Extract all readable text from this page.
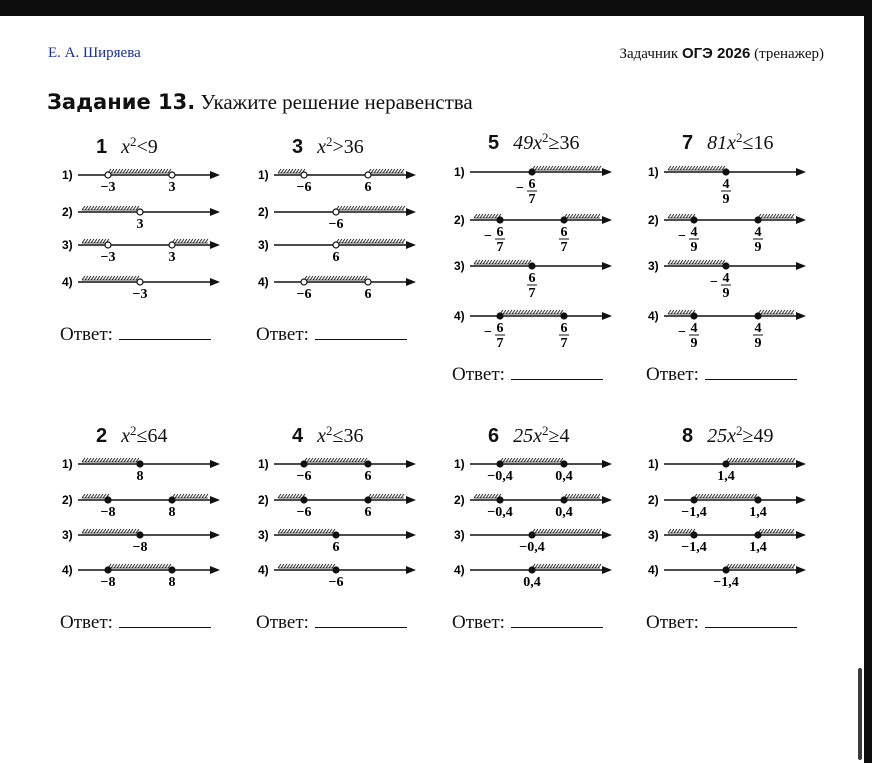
Е. А. Ширяева	Задачник ОГЭ 2026 (тренажер)
Задание 13. Укажите решение неравенства
1 $x^2<9$
Ответ:
3 $x^2>36$
Ответ:
5 $49x^2\ge 36$
Ответ:
7 $81x^2\le 16$
Ответ:
2 $x^2\le 64$
Ответ:
4 $x^2\le 36$
Ответ:
6 $25x^2\ge 4$
Ответ:
8 $25x^2\ge 49$
Ответ:
1)
−3	3
2)
3
3)
−3	3
4)
−3
1)
−6	6
2)
−6
3)
6
4)
−6	6
1)
− 6
7
2)
− 6
7
6
7
3)
6
7
4)
− 6
7
6
7
1)
4
9
2)
− 4
9
4
9
3)
− 4
9
4)
− 4
9
4
9
1)
8
2)
−8	8
3)
−8
4)
−8	8
1)
−6	6
2)
−6	6
3)
6
4)
−6
1)
−0,4	0,4
2)
−0,4	0,4
3)
−0,4
4)
0,4
1)
1,4
2)
−1,4	1,4
3)
−1,4	1,4
4)
−1,4
